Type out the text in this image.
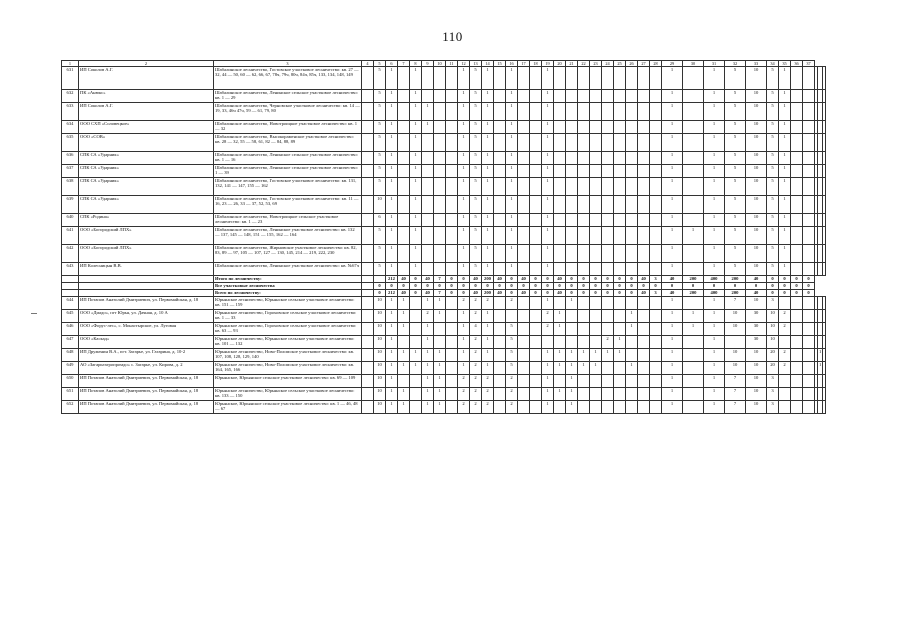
110
1	2	3	4	5	6	7	8	9	10	11	12	13	14	15	16	17	18	19	20	21	22	23	24	25	26	27	28	29	30	31	32	33	34	35	36	37			
631	ИП Соколов А.Г.	Шабалинское лесничество, Гостовское участковое лесничество: кв. 27 — 32, 44 — 50, 60 — 62, 66, 67, 78ч, 79ч, 80ч, 84ч, 85ч, 133, 134, 148, 149		5	1		1				1	5	1		1			1										1		1	5	10	5	1					
632	ПК «Анюкс»	Шабалинское лесничество, Ленинское сельское участковое лесничество: кв. 1 — 29		5	1		1				1	5	1		1			1										1		1	5	10	5	1					
633	ИП Соколов А.Г.	Шабалинское лесничество, Черновское участковое лесничество: кв. 14 — 19, 33, 46ч 47ч, 59 — 61, 79, 80		5	1		1	1			1	5	1		1			1										1		1	5	10	5	1					
634	ООО СХП «Соловецкое»	Шабалинское лесничество, Новотроицкое участковое лесничество: кв. 1 — 32		5	1		1	1			1	5	1		1			1										1		1	5	10	5	1					
635	ООО «СОВ»	Шабалинское лесничество, Высокораменское участковое лесничество: кв. 28 — 32, 55 — 58, 61, 82 — 84, 88, 89		5	1		1				1	5	1		1			1										1		1	5	10	5	1					
636	СПК СА «Ударник»	Шабалинское лесничество, Ленинское сельское участковое лесничество: кв. 1 — 16		5	1		1				1	5	1		1			1										1		1	5	10	5	1					
637	СПК СА «Ударник»	Шабалинское лесничество, Ленинское сельское участковое лесничество: 1 — 39		5	1		1				1	5	1		1			1										1		1	5	10	5	1					
638	СПК СА «Ударник»	Шабалинское лесничество, Гостовское участковое лесничество: кв. 131, 132, 141 — 147, 155 — 162		5	1		1				1	5	1		1			1										1		1	5	10	5	1					
639	СПК СА «Ударник»	Шабалинское лесничество, Гостовское участковое лесничество: кв. 11 — 16, 23 — 26, 33 — 37, 52, 53, 69		10	1		1				1	5	1		1			1										1		1	5	10	5	1					
640	СПК «Родина»	Шабалинское лесничество, Новотроицкое сельское участковое лесничество: кв. 1 — 23		6	1		1				1	5	1		1			1										1		1	5	10	5	1					
641	ООО «Богородский ЛПХ»	Шабалинское лесничество, Ленинское участковое лесничество: кв. 132 — 137, 145 — 148, 151 — 155, 162 — 164		5	1		1				1	5	1		1			1										1	1	1	5	10	5	1					
642	ООО «Богородский ЛПХ»	Шабалинское лесничество, Жирновское участковое лесничество: кв. 82, 83, 89 — 97, 105 — 107, 127 — 130, 145, 214 — 219, 222, 230		5	1		1				1	5	1		1			1										1		1	5	10	5	1					
643	ИП Колесницын В.В.	Шабалинское лесничество, Ленинское участковое лесничество: кв. №67ч		5	1		1				1	5	1		1			1										1		1	5	10	5	1					
		Итого по лесничеству:			212	40	0	40	7	0	0	40	200	40	0	40	0	0	40	0	0	0	0	0	0	40	3	40	200	400	200	40	0	0	0	0			
		Все участковые лесничества		0	0	0	0	0	0	0	0	0	0	0	0	0	0	0	0	0	0	0	0	0	0	0	0	0	0	0	0	0	0	0	0	0			
		Всего по лесничеству:		0	212	40	0	40	7	0	0	40	200	40	0	40	0	0	40	0	0	0	0	0	0	40	3	40	200	400	200	40	0	0	0	0			
644	ИП Потапов Анатолий Дмитриевич, ул. Первомайская, д. 18	Юрьянское лесничество, Юрьянское сельское участковое лесничество: кв. 151 — 159		10	1	1		1	1		2	2	2		2			1		1								1		1	7	10	3						
645	ООО «Диадо», пгт Юрья, ул. Дачная, д. 10 А	Юрьянское лесничество, Гороховское сельское участковое лесничество: кв. 1 — 33		10	1	1		2	1		1	2	1					2	1						1			1	1	1	10	30	10	2					
646	ООО «Форус-лес», с. Монастырское, ул. Луговая	Юрьянское лесничество, Гороховское сельское участковое лесничество: кв. 63 — 93		10	1	1		1			1	4	1		5			2	1						1			1	1	1	10	30	10	2					
647	ООО «Каскад»	Юрьянское лесничество, Юрьянское сельское участковое лесничество: кв. 101 — 132		10	1			1			1	2	1		5								2	1				1		1		30	10						
648	ИП Друженин В.А., пгт. Загарье, ул. Гагарина, д. 10-2	Юрьянское лесничество, Ново-Поломское участковое лесничество: кв. 107, 108, 128, 129, 140		10	1	1	1	1	1		1	2	1		5			1	1	1	1	1	1	1				1		1	10	10	20	2				1	
649	АО «Загарьеагропромдо» с. Загарье, ул. Кирова, д. 2	Юрьянское лесничество, Ново-Поломское участковое лесничество: кв. 164, 165, 166		10	1	1	1	1	1		1	2	1		5			1	1	1	1	1			1			1		1	10	10	20	2				1	
650	ИП Потапов Анатолий Дмитриевич, ул. Первомайская, д. 18	Юрьянское, Юрьянское сельское участковое лесничество: кв. 69 — 109		10	1			1	1		2	2	2		2			1		1								1		1	7	10	3						
651	ИП Потапов Анатолий Дмитриевич, ул. Первомайская, д. 18	Юрьянское лесничество, Юрьянское сельское участковое лесничество: кв. 133 — 150		10	1	1		1	1		2	2	2		2			1	1	1								1		1	7	10	3						
652	ИП Потапов Анатолий Дмитриевич, ул. Первомайская, д. 18	Юрьянское, Юрьянское сельское участковое лесничество: кв. 1 — 46, 48 — 67		10	1	1		1	1		2	2	2		2			1		1								1		1	7	10	3						
